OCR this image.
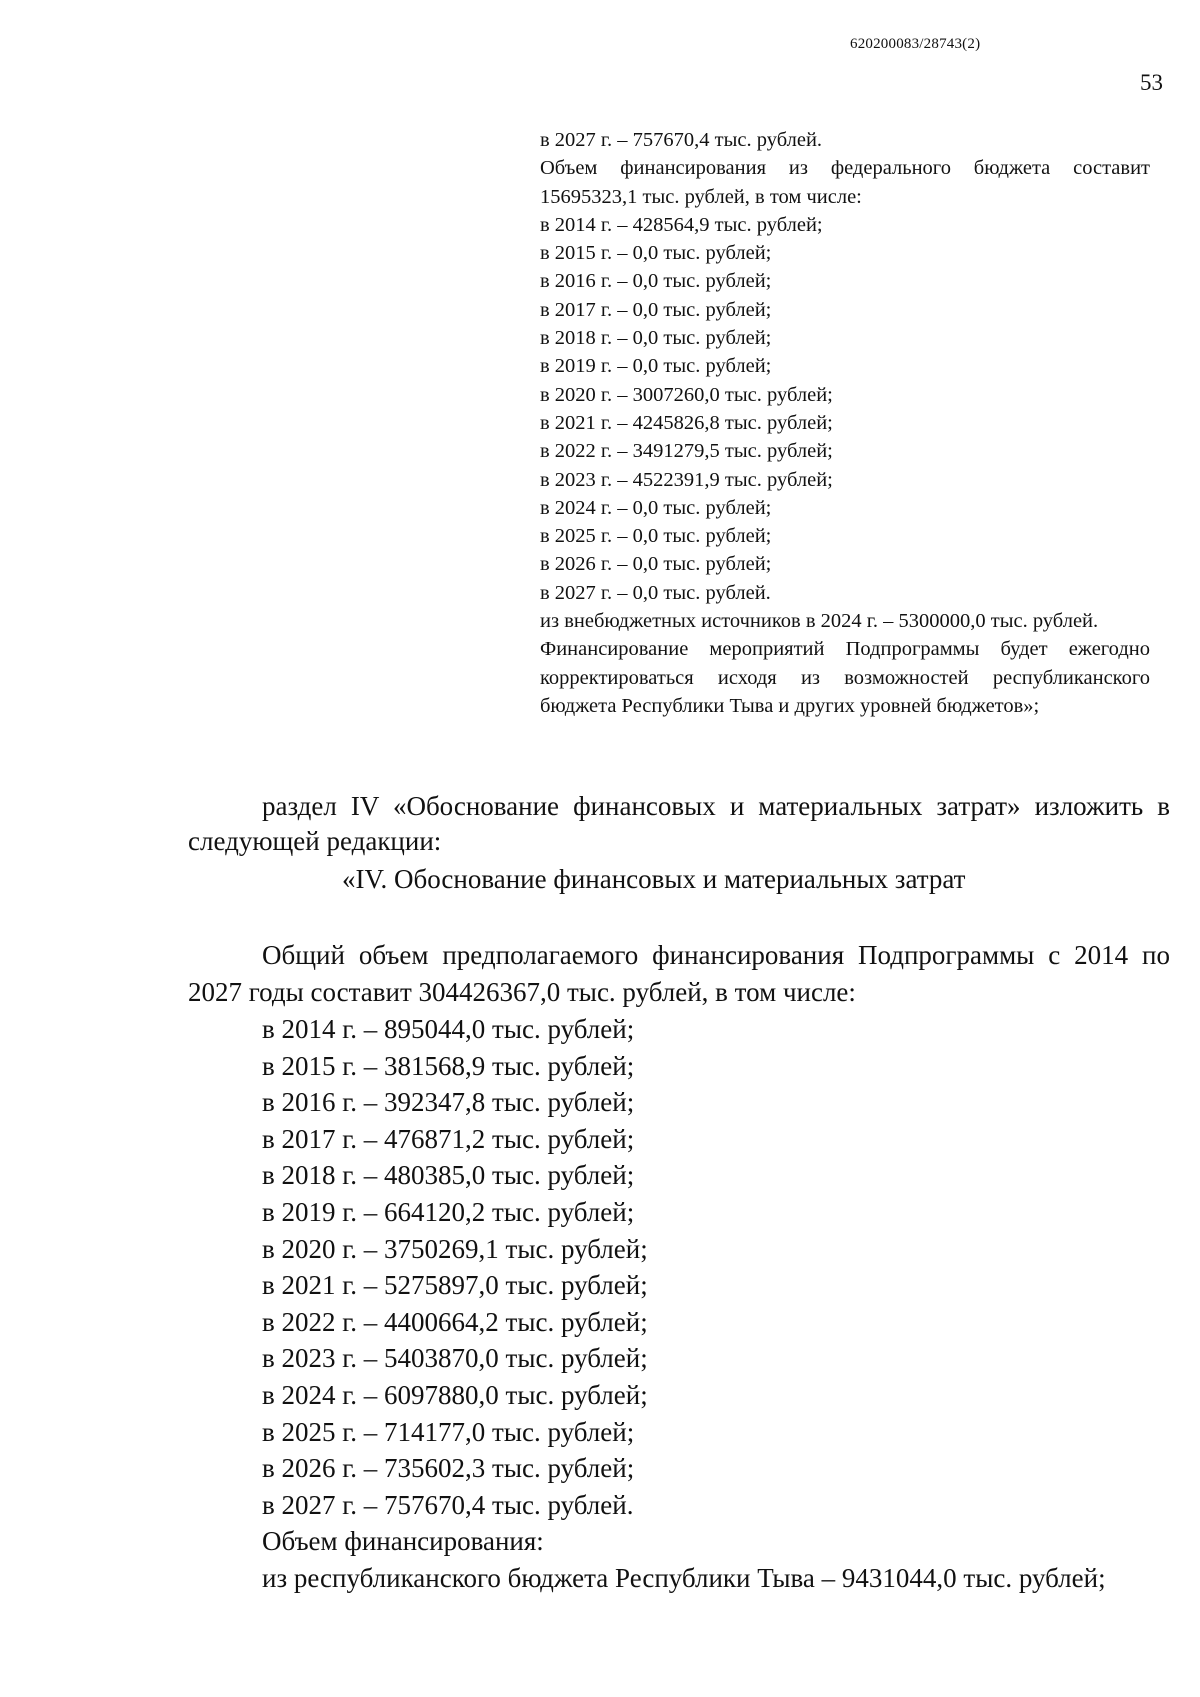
620200083/28743(2)
53
в 2027 г. – 757670,4 тыс. рублей.
Объем финансирования из федерального бюджета составит 15695323,1 тыс. рублей, в том числе:
в 2014 г. – 428564,9 тыс. рублей;
в 2015 г. – 0,0 тыс. рублей;
в 2016 г. – 0,0 тыс. рублей;
в 2017 г. – 0,0 тыс. рублей;
в 2018 г. – 0,0 тыс. рублей;
в 2019 г. – 0,0 тыс. рублей;
в 2020 г. – 3007260,0 тыс. рублей;
в 2021 г. – 4245826,8 тыс. рублей;
в 2022 г. – 3491279,5 тыс. рублей;
в 2023 г. – 4522391,9 тыс. рублей;
в 2024 г. – 0,0 тыс. рублей;
в 2025 г. – 0,0 тыс. рублей;
в 2026 г. – 0,0 тыс. рублей;
в 2027 г. – 0,0 тыс. рублей.
из внебюджетных источников в 2024 г. – 5300000,0 тыс. рублей.
Финансирование мероприятий Подпрограммы будет ежегодно корректироваться исходя из возможностей республиканского бюджета Республики Тыва и других уровней бюджетов»;
раздел IV «Обоснование финансовых и материальных затрат» изложить в следующей редакции:
«IV. Обоснование финансовых и материальных затрат
Общий объем предполагаемого финансирования Подпрограммы с 2014 по 2027 годы составит 304426367,0 тыс. рублей, в том числе:
в 2014 г. – 895044,0 тыс. рублей;
в 2015 г. – 381568,9 тыс. рублей;
в 2016 г. – 392347,8 тыс. рублей;
в 2017 г. – 476871,2 тыс. рублей;
в 2018 г. – 480385,0 тыс. рублей;
в 2019 г. – 664120,2 тыс. рублей;
в 2020 г. – 3750269,1 тыс. рублей;
в 2021 г. – 5275897,0 тыс. рублей;
в 2022 г. – 4400664,2 тыс. рублей;
в 2023 г. – 5403870,0 тыс. рублей;
в 2024 г. – 6097880,0 тыс. рублей;
в 2025 г. – 714177,0 тыс. рублей;
в 2026 г. – 735602,3 тыс. рублей;
в 2027 г. – 757670,4 тыс. рублей.
Объем финансирования:
из республиканского бюджета Республики Тыва – 9431044,0 тыс. рублей;
